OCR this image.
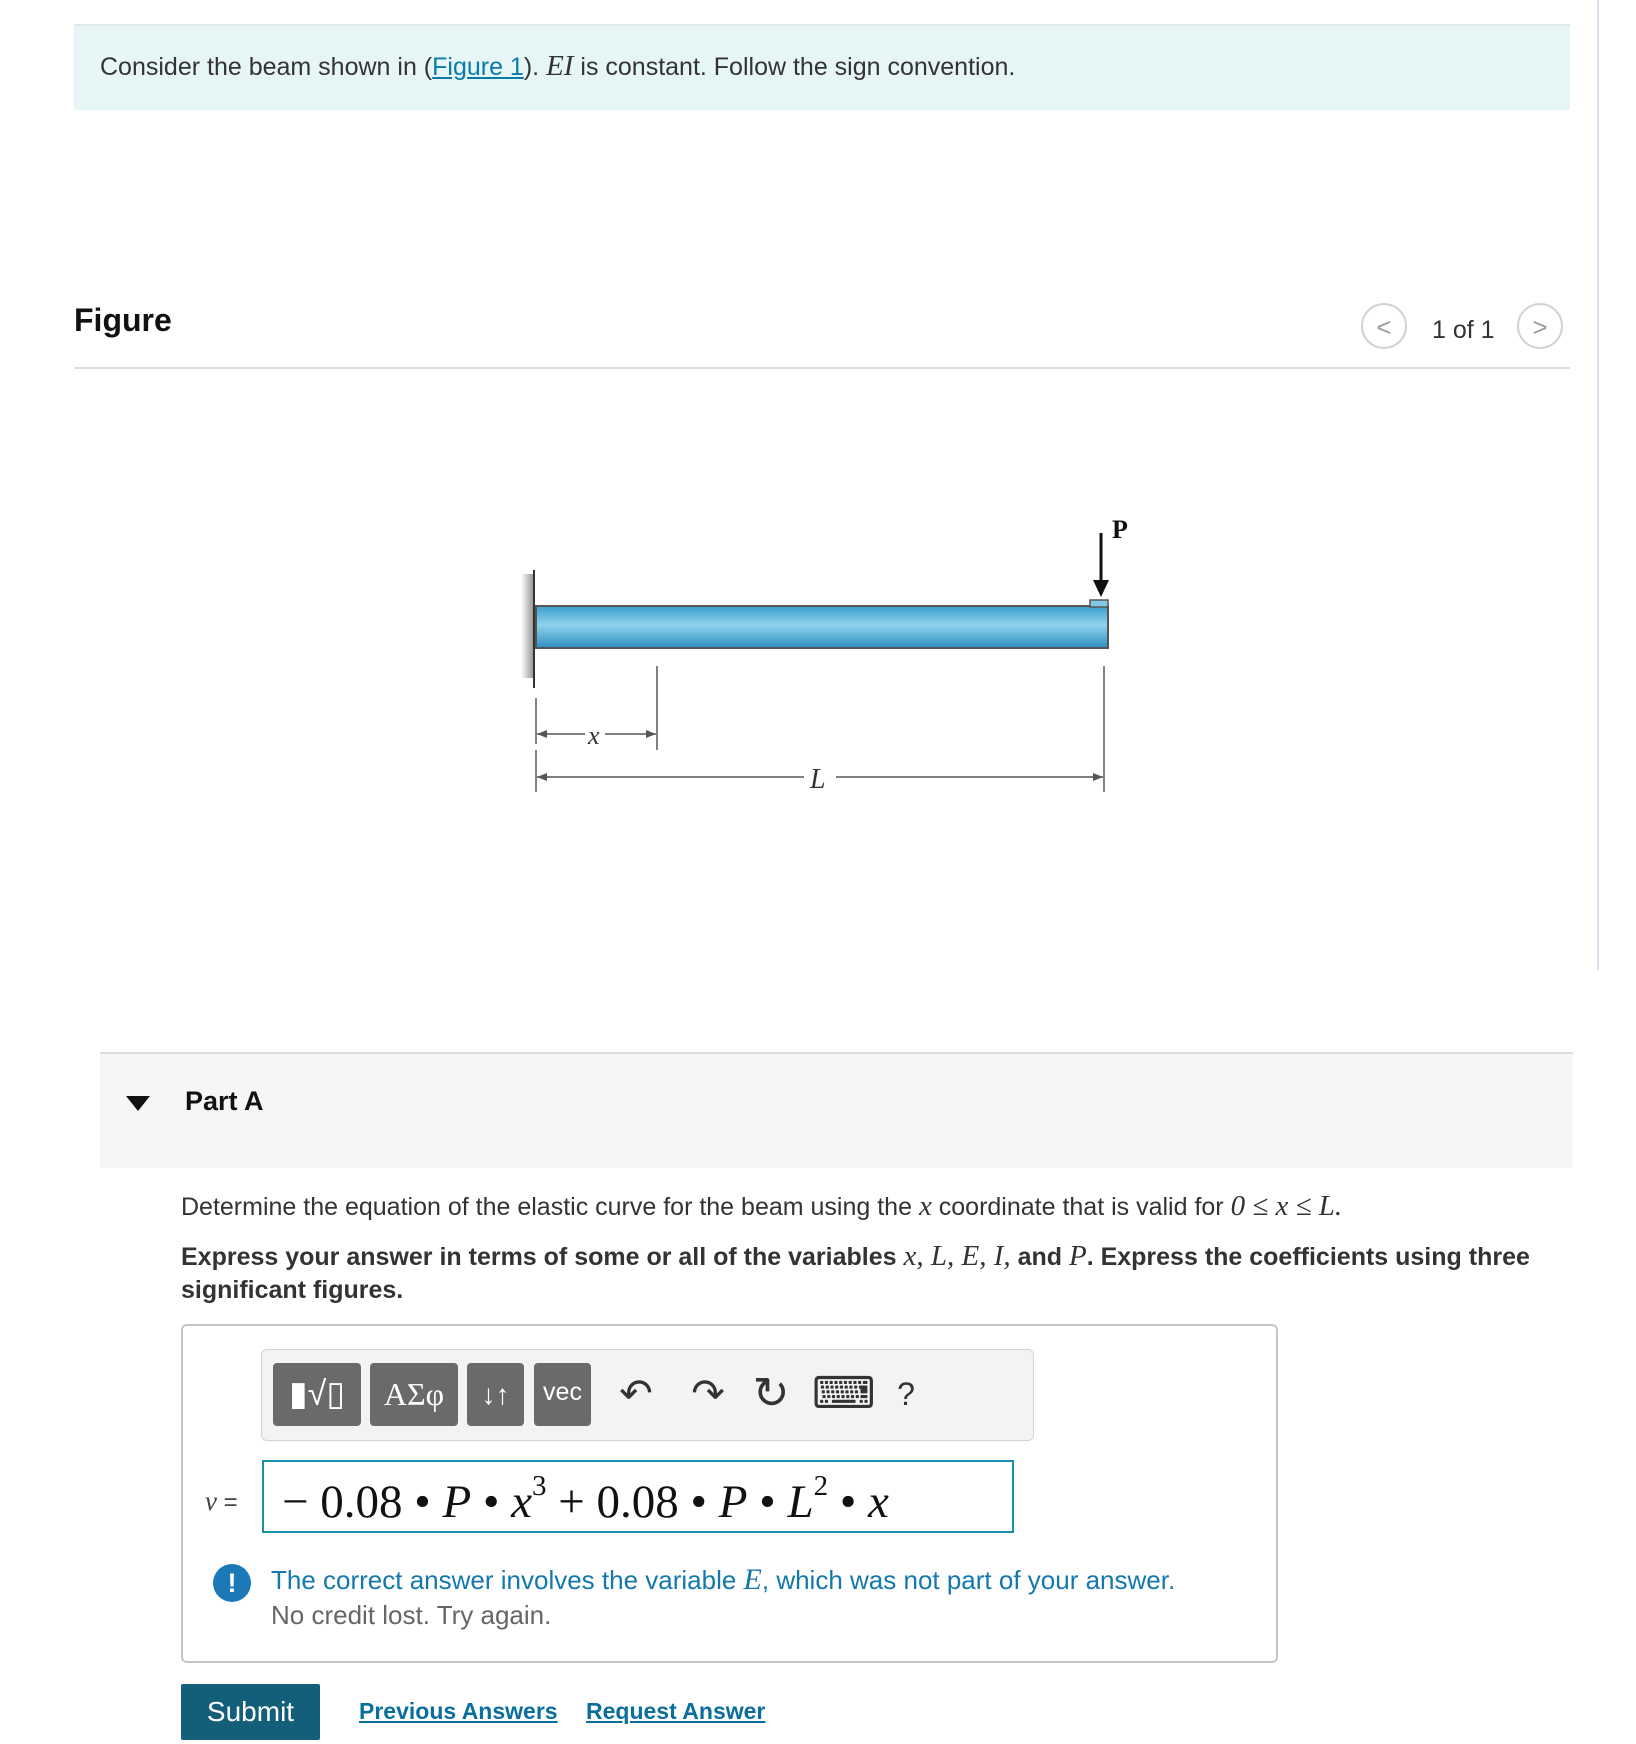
Consider the beam shown in (Figure 1). EI is constant. Follow the sign convention.
Figure	<	1 of 1	>
P
x
L
Part A
Determine the equation of the elastic curve for the beam using the x coordinate that is valid for 0 ≤ x ≤ L.
Express your answer in terms of some or all of the variables x, L, E, I, and P. Express the coefficients using three significant figures.
▮√▯	ΑΣφ	↓↑	vec ↶ ↷ ↻ ⌨ ?
v = − 0.08 • P • $x^3 + 0.08$ • P • $L^2$ • x
!	The correct answer involves the variable E, which was not part of your answer.
No credit lost. Try again.
Submit	Previous Answers Request Answer
